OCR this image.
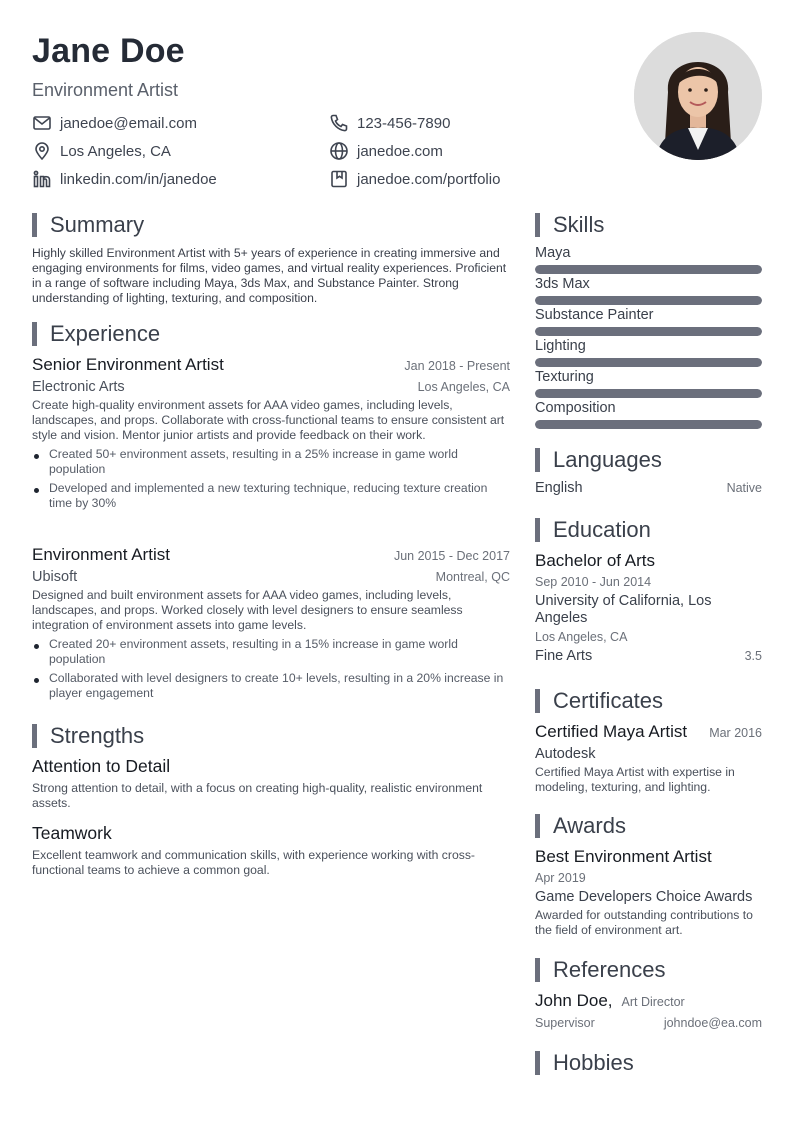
Jane Doe
Environment Artist
janedoe@email.com
Los Angeles, CA
linkedin.com/in/janedoe
123-456-7890
janedoe.com
janedoe.com/portfolio
Summary
Highly skilled Environment Artist with 5+ years of experience in creating immersive and engaging environments for films, video games, and virtual reality experiences. Proficient in a range of software including Maya, 3ds Max, and Substance Painter. Strong understanding of lighting, texturing, and composition.
Experience
Senior Environment Artist	Jan 2018 - Present
Electronic Arts	Los Angeles, CA
Create high-quality environment assets for AAA video games, including levels, landscapes, and props. Collaborate with cross-functional teams to ensure consistent art style and vision. Mentor junior artists and provide feedback on their work.
Created 50+ environment assets, resulting in a 25% increase in game world population
Developed and implemented a new texturing technique, reducing texture creation time by 30%
Environment Artist	Jun 2015 - Dec 2017
Ubisoft	Montreal, QC
Designed and built environment assets for AAA video games, including levels, landscapes, and props. Worked closely with level designers to ensure seamless integration of environment assets into game levels.
Created 20+ environment assets, resulting in a 15% increase in game world population
Collaborated with level designers to create 10+ levels, resulting in a 20% increase in player engagement
Strengths
Attention to Detail
Strong attention to detail, with a focus on creating high-quality, realistic environment assets.
Teamwork
Excellent teamwork and communication skills, with experience working with cross-functional teams to achieve a common goal.
Skills
Maya
3ds Max
Substance Painter
Lighting
Texturing
Composition
Languages
English	Native
Education
Bachelor of Arts
Sep 2010 - Jun 2014
University of California, Los Angeles
Los Angeles, CA
Fine Arts	3.5
Certificates
Certified Maya Artist Mar 2016
Autodesk
Certified Maya Artist with expertise in modeling, texturing, and lighting.
Awards
Best Environment Artist
Apr 2019
Game Developers Choice Awards
Awarded for outstanding contributions to the field of environment art.
References
John Doe, Art Director
Supervisor	johndoe@ea.com
Hobbies
